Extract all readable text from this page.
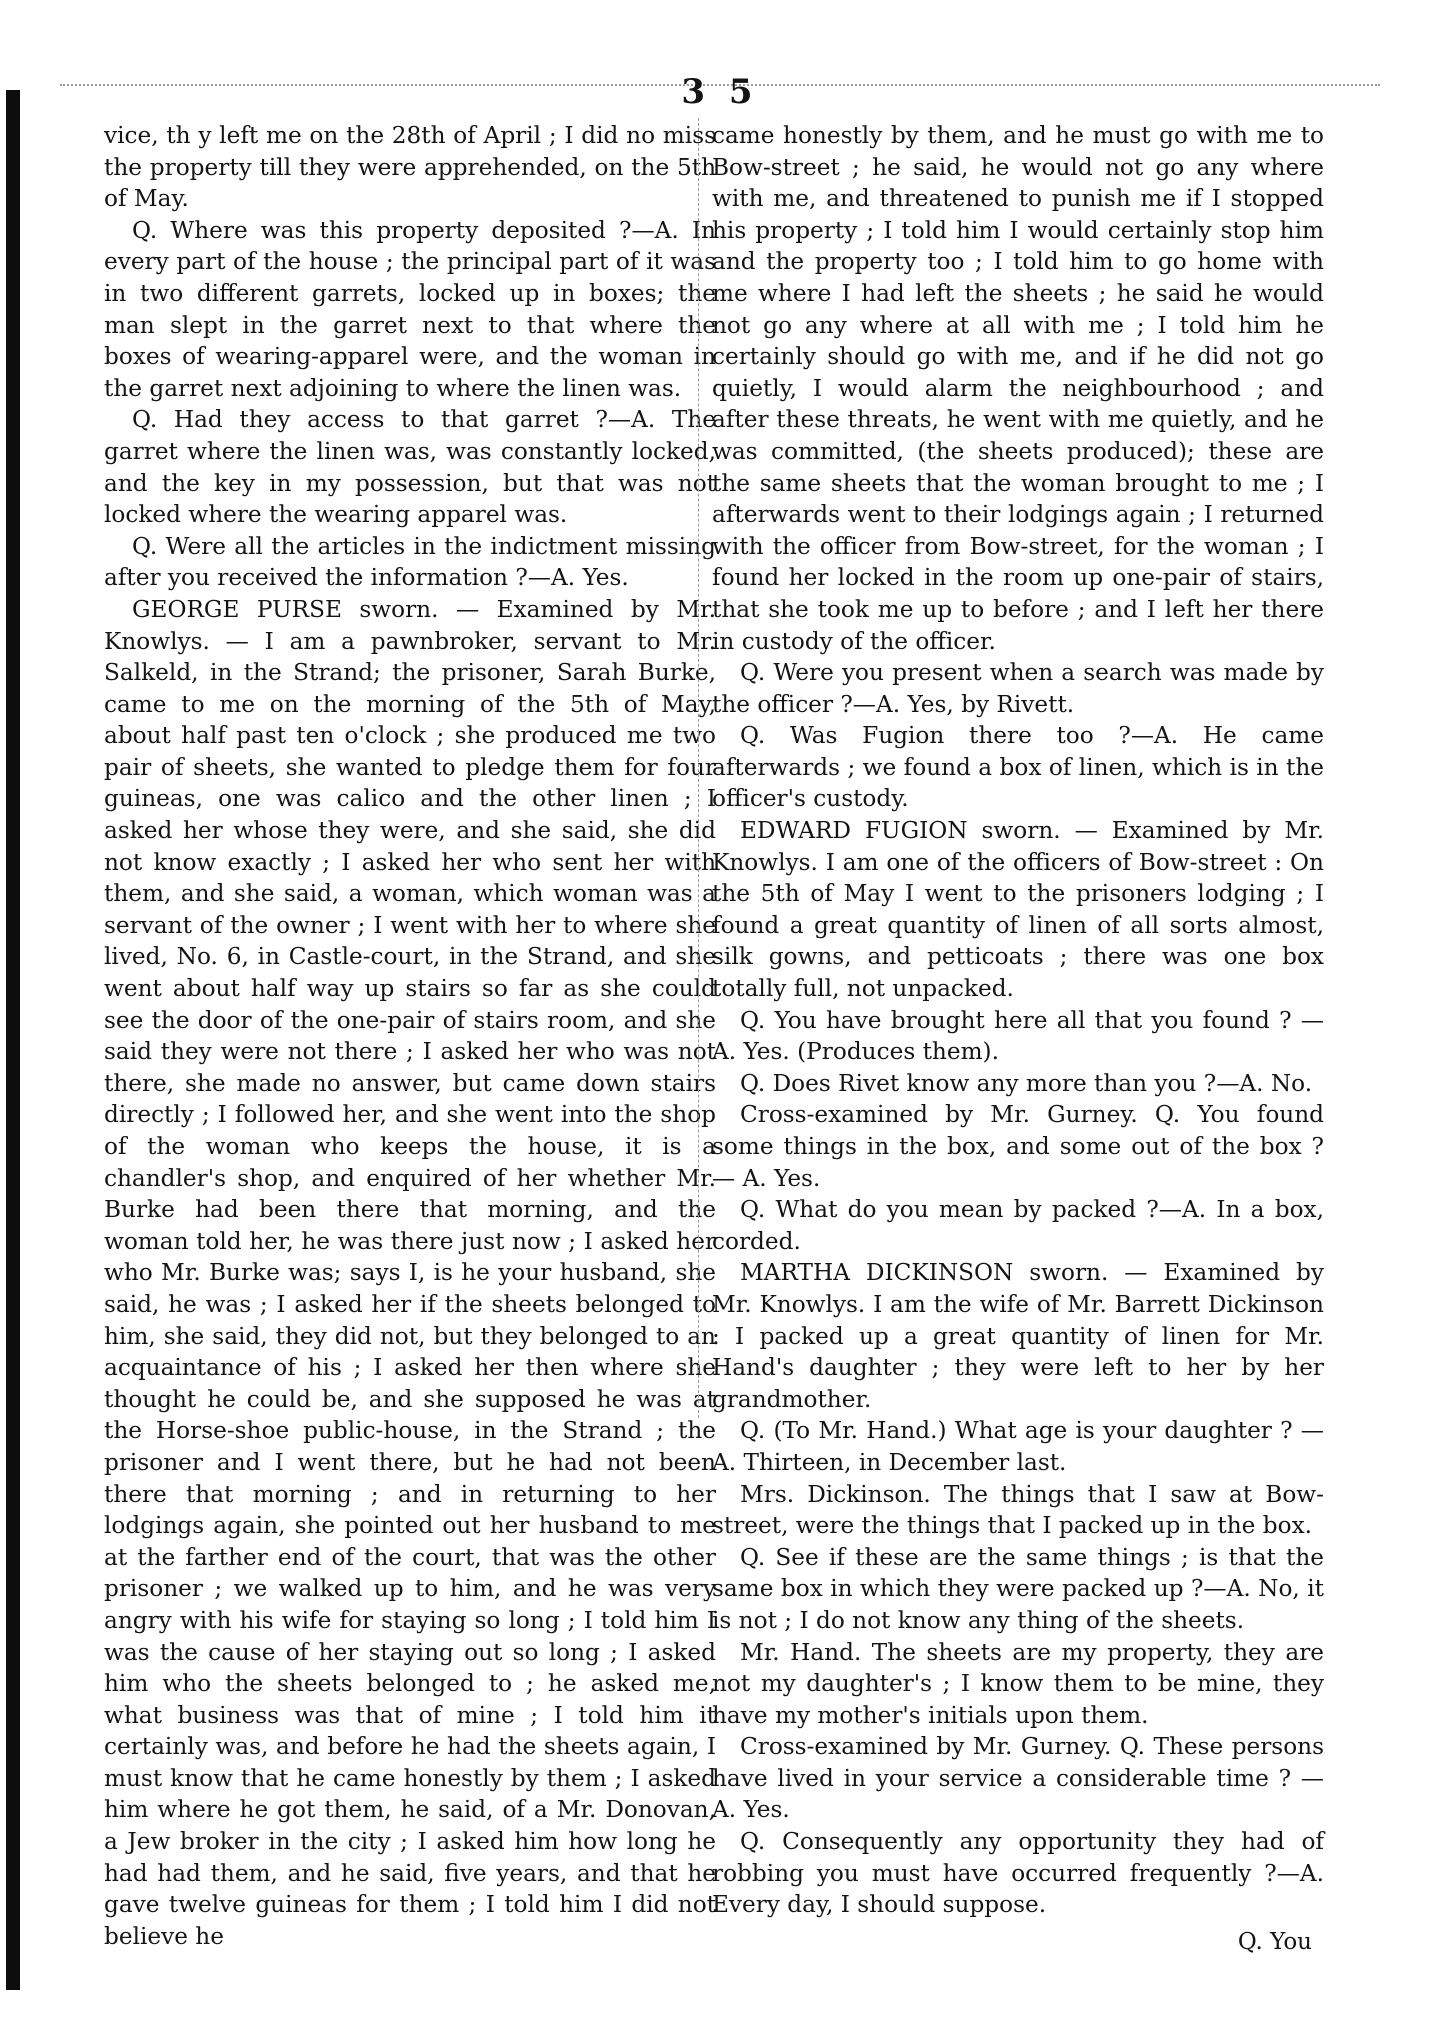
3 5

vice, th y left me on the 28th of April ; I did no miss the property till they were apprehended, on the 5th of May.

Q. Where was this property deposited ?—A. In every part of the house ; the principal part of it was in two different garrets, locked up in boxes; the man slept in the garret next to that where the boxes of wearing-apparel were, and the woman in the garret next adjoining to where the linen was.

Q. Had they access to that garret ?—A. The garret where the linen was, was constantly locked, and the key in my possession, but that was not locked where the wearing apparel was.

Q. Were all the articles in the indictment missing after you received the information ?—A. Yes.

GEORGE PURSE sworn. — Examined by Mr. Knowlys. — I am a pawnbroker, servant to Mr. Salkeld, in the Strand; the prisoner, Sarah Burke, came to me on the morning of the 5th of May, about half past ten o'clock ; she produced me two pair of sheets, she wanted to pledge them for four guineas, one was calico and the other linen ; I asked her whose they were, and she said, she did not know exactly ; I asked her who sent her with them, and she said, a woman, which woman was a servant of the owner ; I went with her to where she lived, No. 6, in Castle-court, in the Strand, and she went about half way up stairs so far as she could see the door of the one-pair of stairs room, and she said they were not there ; I asked her who was not there, she made no answer, but came down stairs directly ; I followed her, and she went into the shop of the woman who keeps the house, it is a chandler's shop, and enquired of her whether Mr. Burke had been there that morning, and the woman told her, he was there just now ; I asked her who Mr. Burke was; says I, is he your husband, she said, he was ; I asked her if the sheets belonged to him, she said, they did not, but they belonged to an acquaintance of his ; I asked her then where she thought he could be, and she supposed he was at the Horse-shoe public-house, in the Strand ; the prisoner and I went there, but he had not been there that morning ; and in returning to her lodgings again, she pointed out her husband to me at the farther end of the court, that was the other prisoner ; we walked up to him, and he was very angry with his wife for staying so long ; I told him I was the cause of her staying out so long ; I asked him who the sheets belonged to ; he asked me, what business was that of mine ; I told him it certainly was, and before he had the sheets again, I must know that he came honestly by them ; I asked him where he got them, he said, of a Mr. Donovan, a Jew broker in the city ; I asked him how long he had had them, and he said, five years, and that he gave twelve guineas for them ; I told him I did not believe he

came honestly by them, and he must go with me to Bow-street ; he said, he would not go any where with me, and threatened to punish me if I stopped his property ; I told him I would certainly stop him and the property too ; I told him to go home with me where I had left the sheets ; he said he would not go any where at all with me ; I told him he certainly should go with me, and if he did not go quietly, I would alarm the neighbourhood ; and after these threats, he went with me quietly, and he was committed, (the sheets produced); these are the same sheets that the woman brought to me ; I afterwards went to their lodgings again ; I returned with the officer from Bow-street, for the woman ; I found her locked in the room up one-pair of stairs, that she took me up to before ; and I left her there in custody of the officer.

Q. Were you present when a search was made by the officer ?—A. Yes, by Rivett.

Q. Was Fugion there too ?—A. He came afterwards ; we found a box of linen, which is in the officer's custody.

EDWARD FUGION sworn. — Examined by Mr. Knowlys. I am one of the officers of Bow-street : On the 5th of May I went to the prisoners lodging ; I found a great quantity of linen of all sorts almost, silk gowns, and petticoats ; there was one box totally full, not unpacked.

Q. You have brought here all that you found ? —A. Yes. (Produces them).

Q. Does Rivet know any more than you ?—A. No.

Cross-examined by Mr. Gurney. Q. You found some things in the box, and some out of the box ? — A. Yes.

Q. What do you mean by packed ?—A. In a box, corded.

MARTHA DICKINSON sworn. — Examined by Mr. Knowlys. I am the wife of Mr. Barrett Dickinson : I packed up a great quantity of linen for Mr. Hand's daughter ; they were left to her by her grandmother.

Q. (To Mr. Hand.) What age is your daughter ? —A. Thirteen, in December last.

Mrs. Dickinson. The things that I saw at Bow-street, were the things that I packed up in the box.

Q. See if these are the same things ; is that the same box in which they were packed up ?—A. No, it is not ; I do not know any thing of the sheets.

Mr. Hand. The sheets are my property, they are not my daughter's ; I know them to be mine, they have my mother's initials upon them.

Cross-examined by Mr. Gurney. Q. These persons have lived in your service a considerable time ? —A. Yes.

Q. Consequently any opportunity they had of robbing you must have occurred frequently ?—A. Every day, I should suppose.

Q. You
